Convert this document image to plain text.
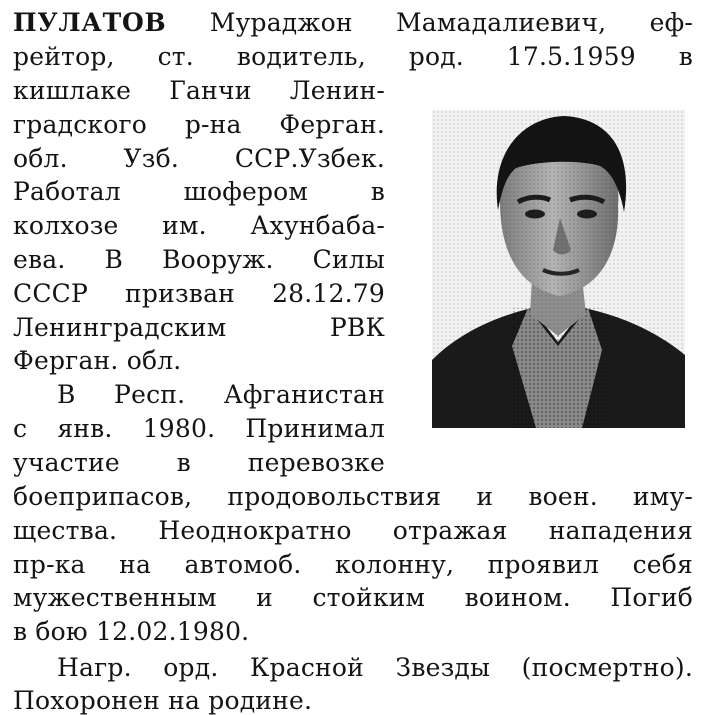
ПУЛАТОВ Мураджон Мамадалиевич, еф-
рейтор, ст. водитель, род. 17.5.1959 в
кишлаке Ганчи Ленин-
градского р-на Ферган.
обл. Узб. ССР.Узбек.
Работал шофером в
колхозе им. Ахунбаба-
ева. В Вооруж. Силы
СССР призван 28.12.79
Ленинградским РВК
Ферган. обл.
В Респ. Афганистан
с янв. 1980. Принимал
участие в перевозке
боеприпасов, продовольствия и воен. иму-
щества. Неоднократно отражая нападения
пр-ка на автомоб. колонну, проявил себя
мужественным и стойким воином. Погиб
в бою 12.02.1980.
Нагр. орд. Красной Звезды (посмертно).
Похоронен на родине.
